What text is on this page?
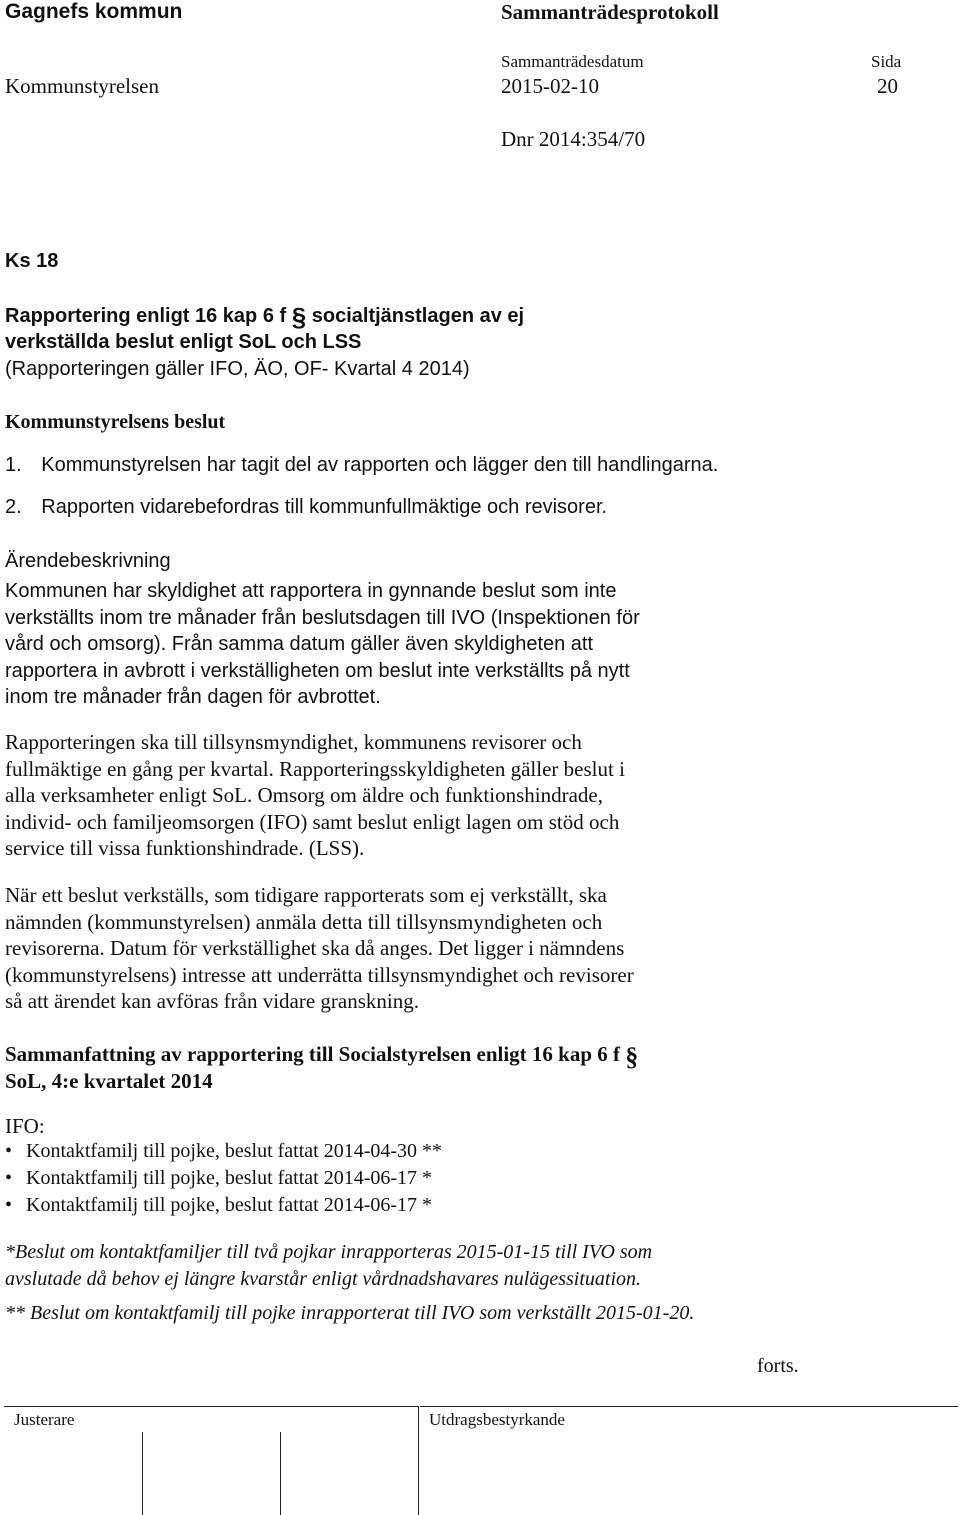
Gagnefs kommun	Sammanträdesprotokoll
Sammanträdesdatum	Sida
Kommunstyrelsen	2015-02-10	20
Dnr 2014:354/70
Ks 18
Rapportering enligt 16 kap 6 f § socialtjänstlagen av ej
verkställda beslut enligt SoL och LSS
(Rapporteringen gäller IFO, ÄO, OF- Kvartal 4 2014)
Kommunstyrelsens beslut
1. Kommunstyrelsen har tagit del av rapporten och lägger den till handlingarna.
2. Rapporten vidarebefordras till kommunfullmäktige och revisorer.
Ärendebeskrivning
Kommunen har skyldighet att rapportera in gynnande beslut som inte
verkställts inom tre månader från beslutsdagen till IVO (Inspektionen för
vård och omsorg). Från samma datum gäller även skyldigheten att
rapportera in avbrott i verkställigheten om beslut inte verkställts på nytt
inom tre månader från dagen för avbrottet.
Rapporteringen ska till tillsynsmyndighet, kommunens revisorer och
fullmäktige en gång per kvartal. Rapporteringsskyldigheten gäller beslut i
alla verksamheter enligt SoL. Omsorg om äldre och funktionshindrade,
individ- och familjeomsorgen (IFO) samt beslut enligt lagen om stöd och
service till vissa funktionshindrade. (LSS).
När ett beslut verkställs, som tidigare rapporterats som ej verkställt, ska
nämnden (kommunstyrelsen) anmäla detta till tillsynsmyndigheten och
revisorerna. Datum för verkställighet ska då anges. Det ligger i nämndens
(kommunstyrelsens) intresse att underrätta tillsynsmyndighet och revisorer
så att ärendet kan avföras från vidare granskning.
Sammanfattning av rapportering till Socialstyrelsen enligt 16 kap 6 f §
SoL, 4:e kvartalet 2014
IFO:
• Kontaktfamilj till pojke, beslut fattat 2014-04-30 **
• Kontaktfamilj till pojke, beslut fattat 2014-06-17 *
• Kontaktfamilj till pojke, beslut fattat 2014-06-17 *
*Beslut om kontaktfamiljer till två pojkar inrapporteras 2015-01-15 till IVO som
avslutade då behov ej längre kvarstår enligt vårdnadshavares nulägessituation.
** Beslut om kontaktfamilj till pojke inrapporterat till IVO som verkställt 2015-01-20.
forts.
Justerare	Utdragsbestyrkande
